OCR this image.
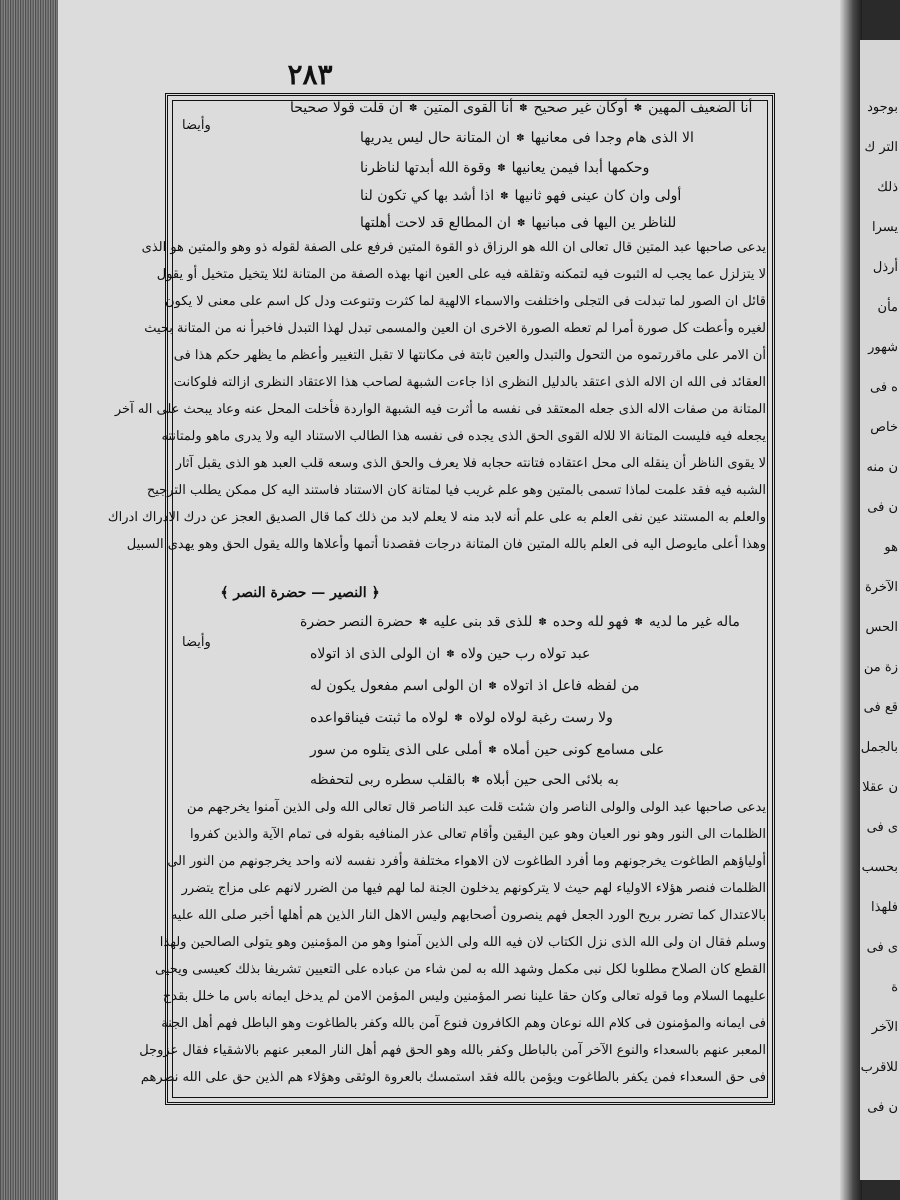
بوجود
التر ك
ذلك
يسرا
أرذل
مأن
شهور
ه فى
خاص
ن منه
ن فى
هو
الآخرة
الحس
زة من
قع فى
بالجمل
ن عقلا
ى فى
بحسب
فلهذا
ى فى
ة
الآخر
للاقرب
ن فى
٢٨٣
وأيضا
وأيضا
أنا الضعيف المهين
✽
أوكان غير صحيح
✽
أنا القوى المتين
✽
ان قلت قولا صحيحا
الا الذى هام وجدا فى معانيها
✽
ان المتانة حال ليس يدريها
وحكمها أبدا فيمن يعانيها
✽
وقوة الله أبدتها لناظرنا
أولى وان كان عينى فهو ثانيها
✽
اذا أشد بها كي تكون لنا
للناظر ين اليها فى مبانيها
✽
ان المطالع قد لاحت أهلتها
يدعى صاحبها عبد المتين قال تعالى ان الله هو الرزاق ذو القوة المتين فرفع على الصفة لقوله ذو وهو والمتين هو الذى
لا يتزلزل عما يجب له الثبوت فيه لتمكنه وتقلقه فيه على العين انها بهذه الصفة من المتانة لئلا يتخيل متخيل أو يقول
قائل ان الصور لما تبدلت فى التجلى واختلفت والاسماء الالهية لما كثرت وتنوعت ودل كل اسم على معنى لا يكون
لغيره وأعطت كل صورة أمرا لم تعطه الصورة الاخرى ان العين والمسمى تبدل لهذا التبدل فاخبرأ نه من المتانة بحيث
أن الامر على ماقررتموه من التحول والتبدل والعين ثابتة فى مكانتها لا تقبل التغيير وأعظم ما يظهر حكم هذا فى
العقائد فى الله ان الاله الذى اعتقد بالدليل النظرى اذا جاءت الشبهة لصاحب هذا الاعتقاد النظرى ازالته فلوكانت
المتانة من صفات الاله الذى جعله المعتقد فى نفسه ما أثرت فيه الشبهة الواردة فأخلت المحل عنه وعاد يبحث على اله آخر
يجعله فيه فليست المتانة الا للاله القوى الحق الذى يجده فى نفسه هذا الطالب الاستناد اليه ولا يدرى ماهو ولمتانته
لا يقوى الناظر أن ينقله الى محل اعتقاده فتانته حجابه فلا يعرف والحق الذى وسعه قلب العبد هو الذى يقبل آثار
الشبه فيه فقد علمت لماذا تسمى بالمتين وهو علم غريب فيا لمتانة كان الاستناد فاستند اليه كل ممكن يطلب الترجيح
والعلم به المستند عين نفى العلم به على علم أنه لابد منه لا يعلم لابد من ذلك كما قال الصديق العجز عن درك الادراك ادراك
وهذا أعلى مايوصل اليه فى العلم بالله المتين فان المتانة درجات فقصدنا أتمها وأعلاها والله يقول الحق وهو يهدى السبيل
﴿ النصير — حضرة النصر ﴾
ماله غير ما لديه
✽
فهو لله وحده
✽
للذى قد بنى عليه
✽
حضرة النصر حضرة
عبد تولاه رب حين ولاه
✽
ان الولى الذى اذ اتولاه
من لفظه فاعل اذ اتولاه
✽
ان الولى اسم مفعول يكون له
ولا رست رغبة لولاه لولاه
✽
لولاه ما ثبتت فيناقواعده
على مسامع كونى حين أملاه
✽
أملى على الذى يتلوه من سور
به بلائى الحى حين أبلاه
✽
بالقلب سطره ربى لتحفظه
يدعى صاحبها عبد الولى والولى الناصر وان شئت قلت عبد الناصر قال تعالى الله ولى الذين آمنوا يخرجهم من
الظلمات الى النور وهو نور العيان وهو عين اليقين وأقام تعالى عذر المنافيه بقوله فى تمام الآية والذين كفروا
أولياؤهم الطاغوت يخرجونهم وما أفرد الطاغوت لان الاهواء مختلفة وأفرد نفسه لانه واحد يخرجونهم من النور الى
الظلمات فنصر هؤلاء الاولياء لهم حيث لا يتركونهم يدخلون الجنة لما لهم فيها من الضرر لانهم على مزاج يتضرر
بالاعتدال كما تضرر بريح الورد الجعل فهم ينصرون أصحابهم وليس الاهل النار الذين هم أهلها أخبر صلى الله عليه
وسلم فقال ان ولى الله الذى نزل الكتاب لان فيه الله ولى الذين آمنوا وهو من المؤمنين وهو يتولى الصالحين ولهذا
القطع كان الصلاح مطلوبا لكل نبى مكمل وشهد الله به لمن شاء من عباده على التعيين تشريفا بذلك كعيسى ويحيى
عليهما السلام وما قوله تعالى وكان حقا علينا نصر المؤمنين وليس المؤمن الامن لم يدخل ايمانه باس ما خلل بقدح
فى ايمانه والمؤمنون فى كلام الله نوعان وهم الكافرون فنوع آمن بالله وكفر بالطاغوت وهو الباطل فهم أهل الجنة
المعبر عنهم بالسعداء والنوع الآخر آمن بالباطل وكفر بالله وهو الحق فهم أهل النار المعبر عنهم بالاشقياء فقال عزوجل
فى حق السعداء فمن يكفر بالطاغوت ويؤمن بالله فقد استمسك بالعروة الوثقى وهؤلاء هم الذين حق على الله نصرهم
